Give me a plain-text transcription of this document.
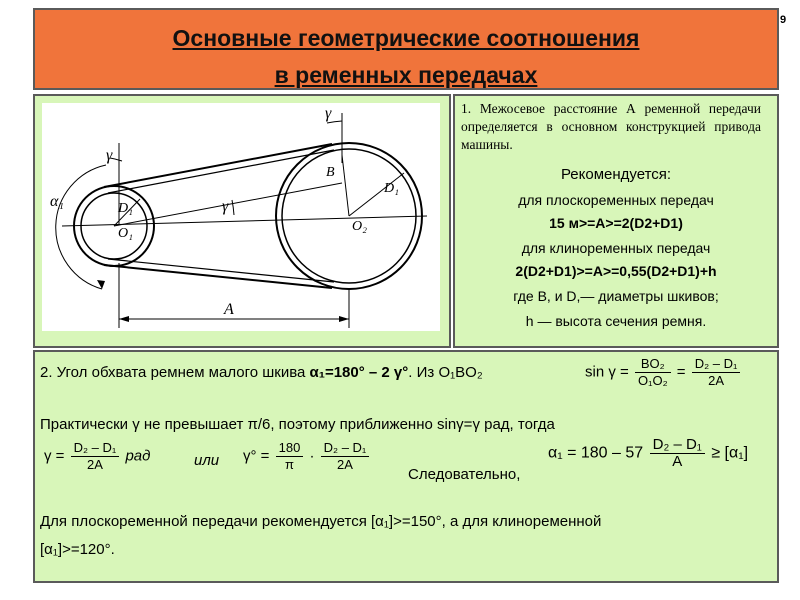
9
Основные геометрические соотношения
в ременных передачах
γ
γ
γ
α₁	D₁
O₁	O₂
D₁
B
A
1. Межосевое расстояние А ременной передачи определяется в основном конструкцией привода машины.
Рекомендуется:
для плоскоременных передач
15 м>=A>=2(D2+D1)
для клиноременных передач
2(D2+D1)>=A>=0,55(D2+D1)+h
где В, и D,— диаметры шкивов;
h — высота сечения ремня.
2. Угол обхвата ремнем малого шкива α₁=180° – 2 γ°. Из O₁BO₂	$\sin \gamma = \frac{\text{BO₂}}{\text{O₁O₂}} = \frac{\text{D₂ – D₁}}{2A}$
Практически γ не превышает π/6, поэтому приближенно sinγ=γ рад, тогда
$\gamma = \frac{\text{D₂ – D₁}}{2A}$ рад	или $\gamma^\circ = \frac{180}{\pi} \cdot \frac{\text{D₂ – D₁}}{2A}$
Следовательно,
$\alpha_1 = 180 - 57 \frac{\text{D₂ – D₁}}{A} \ge [\alpha_1]$
Для плоскоременной передачи рекомендуется [α₁]>=150°, а для клиноременной
[α₁]>=120°.
